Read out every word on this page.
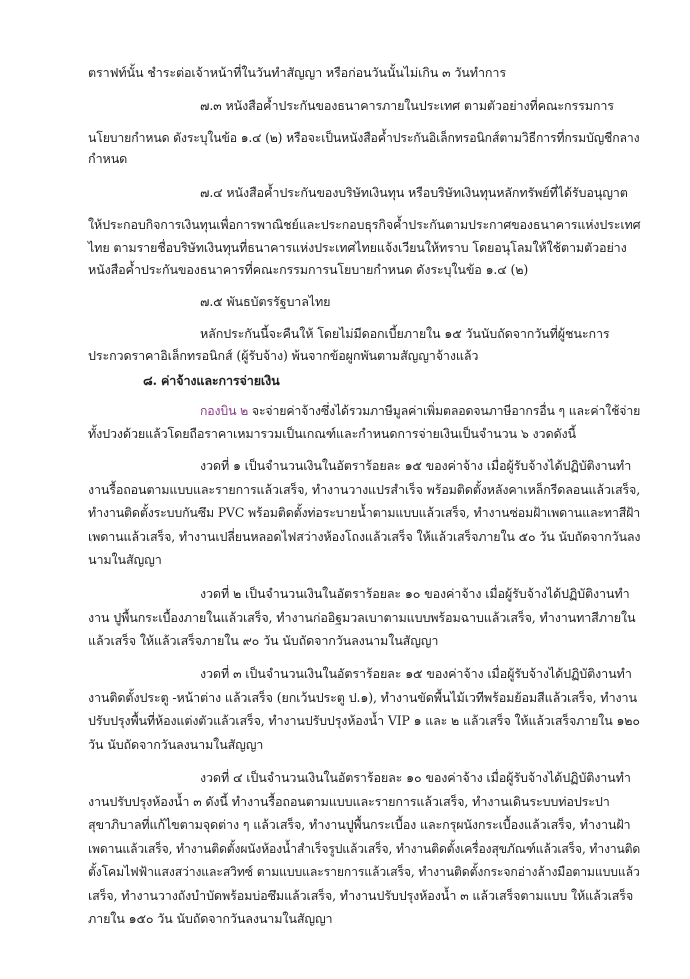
ตราฟท์นั้น ชำระต่อเจ้าหน้าที่ในวันทำสัญญา หรือก่อนวันนั้นไม่เกิน ๓ วันทำการ
๗.๓ หนังสือค้ำประกันของธนาคารภายในประเทศ ตามตัวอย่างที่คณะกรรมการ
นโยบายกำหนด ดังระบุในข้อ ๑.๔ (๒) หรือจะเป็นหนังสือค้ำประกันอิเล็กทรอนิกส์ตามวิธีการที่กรมบัญชีกลาง
กำหนด
๗.๔ หนังสือค้ำประกันของบริษัทเงินทุน หรือบริษัทเงินทุนหลักทรัพย์ที่ได้รับอนุญาต
ให้ประกอบกิจการเงินทุนเพื่อการพาณิชย์และประกอบธุรกิจค้ำประกันตามประกาศของธนาคารแห่งประเทศ
ไทย ตามรายชื่อบริษัทเงินทุนที่ธนาคารแห่งประเทศไทยแจ้งเวียนให้ทราบ โดยอนุโลมให้ใช้ตามตัวอย่าง
หนังสือค้ำประกันของธนาคารที่คณะกรรมการนโยบายกำหนด ดังระบุในข้อ ๑.๔ (๒)
๗.๕ พันธบัตรรัฐบาลไทย
หลักประกันนี้จะคืนให้ โดยไม่มีดอกเบี้ยภายใน ๑๕ วันนับถัดจากวันที่ผู้ชนะการ
ประกวดราคาอิเล็กทรอนิกส์ (ผู้รับจ้าง) พ้นจากข้อผูกพันตามสัญญาจ้างแล้ว
๘. ค่าจ้างและการจ่ายเงิน
ทั้งปวงด้วยแล้วโดยถือราคาเหมารวมเป็นเกณฑ์และกำหนดการจ่ายเงินเป็นจำนวน ๖ งวดดังนี้
งวดที่ ๑ เป็นจำนวนเงินในอัตราร้อยละ ๑๕ ของค่าจ้าง เมื่อผู้รับจ้างได้ปฏิบัติงานทำ
งานรื้อถอนตามแบบและรายการแล้วเสร็จ, ทำงานวางแปรสำเร็จ พร้อมติดตั้งหลังคาเหล็กรีดลอนแล้วเสร็จ,
ทำงานติดตั้งระบบกันซึม PVC พร้อมติดตั้งท่อระบายน้ำตามแบบแล้วเสร็จ, ทำงานซ่อมฝ้าเพดานและทาสีฝ้า
เพดานแล้วเสร็จ, ทำงานเปลี่ยนหลอดไฟสว่างห้องโถงแล้วเสร็จ ให้แล้วเสร็จภายใน ๕๐ วัน นับถัดจากวันลง
นามในสัญญา
งวดที่ ๒ เป็นจำนวนเงินในอัตราร้อยละ ๑๐ ของค่าจ้าง เมื่อผู้รับจ้างได้ปฏิบัติงานทำ
งาน ปูพื้นกระเบื้องภายในแล้วเสร็จ, ทำงานก่ออิฐมวลเบาตามแบบพร้อมฉาบแล้วเสร็จ, ทำงานทาสีภายใน
แล้วเสร็จ ให้แล้วเสร็จภายใน ๙๐ วัน นับถัดจากวันลงนามในสัญญา
งวดที่ ๓ เป็นจำนวนเงินในอัตราร้อยละ ๑๕ ของค่าจ้าง เมื่อผู้รับจ้างได้ปฏิบัติงานทำ
งานติดตั้งประตู -หน้าต่าง แล้วเสร็จ (ยกเว้นประตู ป.๑), ทำงานขัดพื้นไม้เวทีพร้อมย้อมสีแล้วเสร็จ, ทำงาน
ปรับปรุงพื้นที่ห้องแต่งตัวแล้วเสร็จ, ทำงานปรับปรุงห้องน้ำ VIP ๑ และ ๒ แล้วเสร็จ ให้แล้วเสร็จภายใน ๑๒๐
วัน นับถัดจากวันลงนามในสัญญา
งวดที่ ๔ เป็นจำนวนเงินในอัตราร้อยละ ๑๐ ของค่าจ้าง เมื่อผู้รับจ้างได้ปฏิบัติงานทำ
งานปรับปรุงห้องน้ำ ๓ ดังนี้ ทำงานรื้อถอนตามแบบและรายการแล้วเสร็จ, ทำงานเดินระบบท่อประปา
สุขาภิบาลที่แก้ไขตามจุดต่าง ๆ แล้วเสร็จ, ทำงานปูพื้นกระเบื้อง และกรุผนังกระเบื้องแล้วเสร็จ, ทำงานฝ้า
เพดานแล้วเสร็จ, ทำงานติดตั้งผนังห้องน้ำสำเร็จรูปแล้วเสร็จ, ทำงานติดตั้งเครื่องสุขภัณฑ์แล้วเสร็จ, ทำงานติด
ตั้งโคมไฟฟ้าแสงสว่างและสวิทซ์ ตามแบบและรายการแล้วเสร็จ, ทำงานติดตั้งกระจกอ่างล้างมือตามแบบแล้ว
เสร็จ, ทำงานวางถังบำบัดพร้อมบ่อซึมแล้วเสร็จ, ทำงานปรับปรุงห้องน้ำ ๓ แล้วเสร็จตามแบบ ให้แล้วเสร็จ
ภายใน ๑๕๐ วัน นับถัดจากวันลงนามในสัญญา
กองบิน ๒ จะจ่ายค่าจ้างซึ่งได้รวมภาษีมูลค่าเพิ่มตลอดจนภาษีอากรอื่น ๆ และค่าใช้จ่าย
